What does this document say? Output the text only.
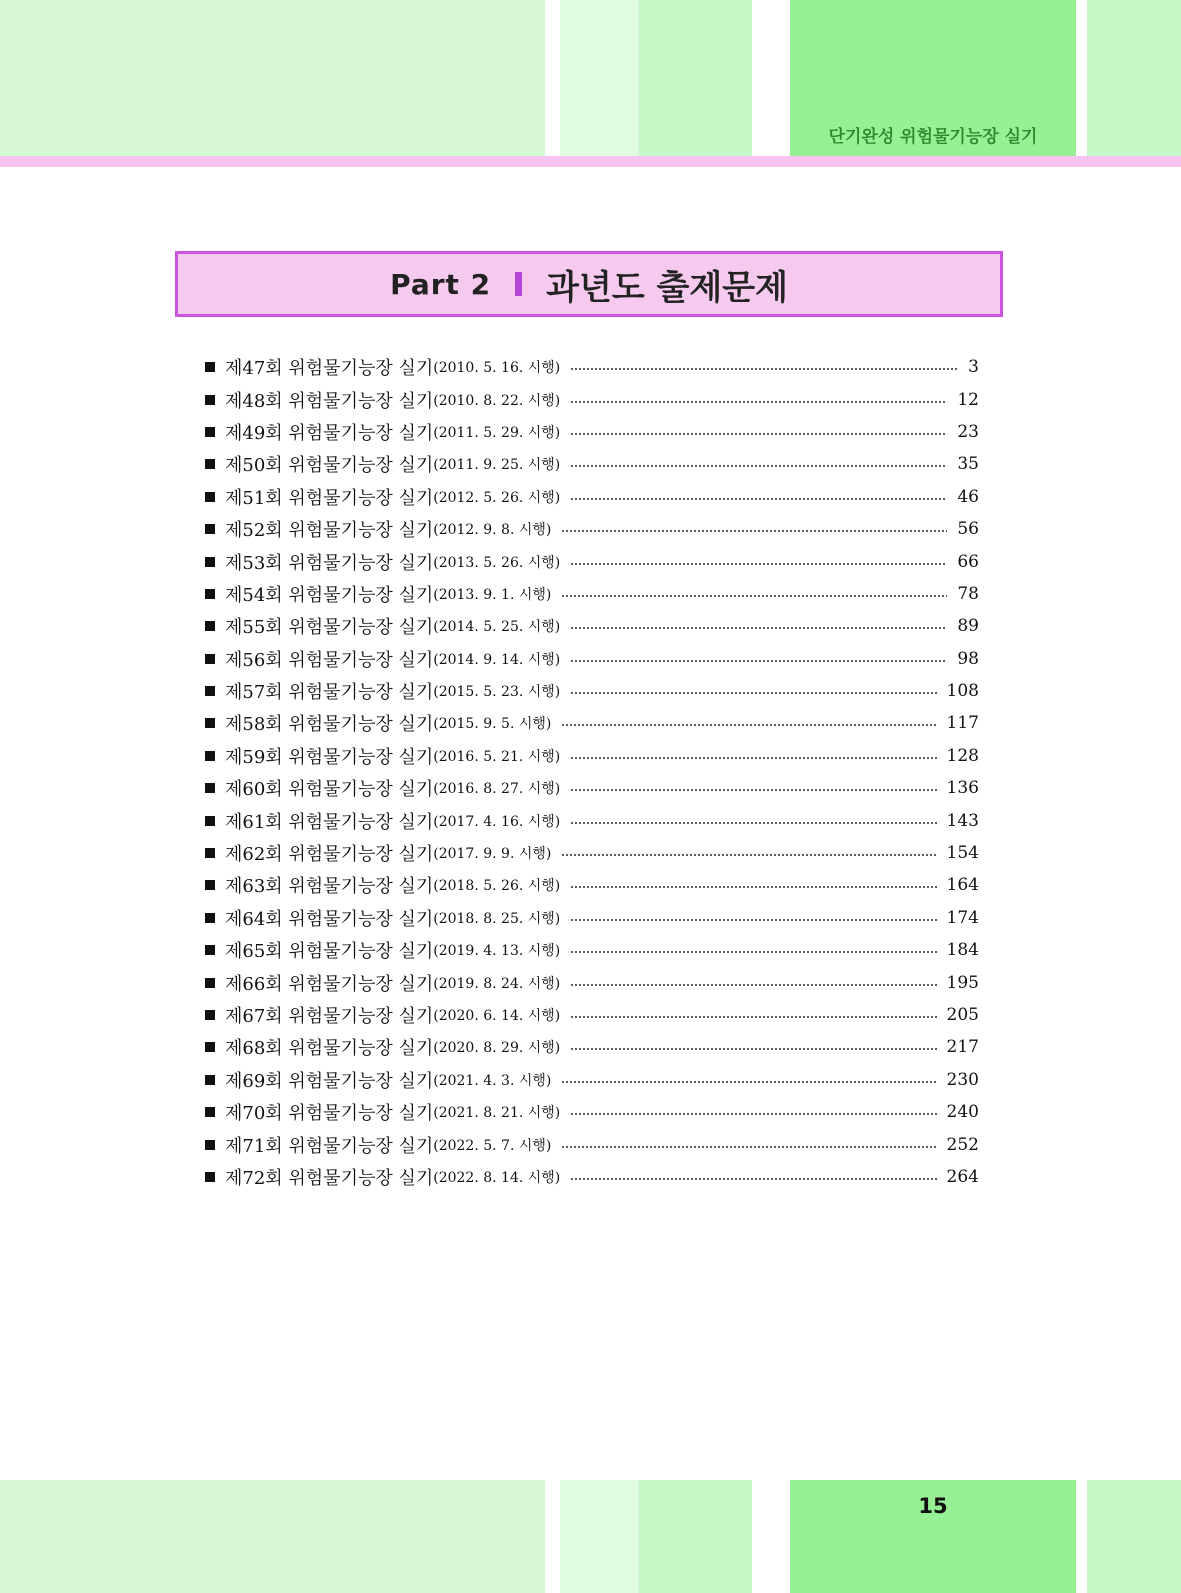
단기완성 위험물기능장 실기
Part 2 과년도 출제문제
제47회 위험물기능장 실기 (2010. 5. 16. 시행)	3
제48회 위험물기능장 실기 (2010. 8. 22. 시행)	12
제49회 위험물기능장 실기 (2011. 5. 29. 시행)	23
제50회 위험물기능장 실기 (2011. 9. 25. 시행)	35
제51회 위험물기능장 실기 (2012. 5. 26. 시행)	46
제52회 위험물기능장 실기 (2012. 9. 8. 시행)	56
제53회 위험물기능장 실기 (2013. 5. 26. 시행)	66
제54회 위험물기능장 실기 (2013. 9. 1. 시행)	78
제55회 위험물기능장 실기 (2014. 5. 25. 시행)	89
제56회 위험물기능장 실기 (2014. 9. 14. 시행)	98
제57회 위험물기능장 실기 (2015. 5. 23. 시행)	108
제58회 위험물기능장 실기 (2015. 9. 5. 시행)	117
제59회 위험물기능장 실기 (2016. 5. 21. 시행)	128
제60회 위험물기능장 실기 (2016. 8. 27. 시행)	136
제61회 위험물기능장 실기 (2017. 4. 16. 시행)	143
제62회 위험물기능장 실기 (2017. 9. 9. 시행)	154
제63회 위험물기능장 실기 (2018. 5. 26. 시행)	164
제64회 위험물기능장 실기 (2018. 8. 25. 시행)	174
제65회 위험물기능장 실기 (2019. 4. 13. 시행)	184
제66회 위험물기능장 실기 (2019. 8. 24. 시행)	195
제67회 위험물기능장 실기 (2020. 6. 14. 시행)	205
제68회 위험물기능장 실기 (2020. 8. 29. 시행)	217
제69회 위험물기능장 실기 (2021. 4. 3. 시행)	230
제70회 위험물기능장 실기 (2021. 8. 21. 시행)	240
제71회 위험물기능장 실기 (2022. 5. 7. 시행)	252
제72회 위험물기능장 실기 (2022. 8. 14. 시행)	264
15
